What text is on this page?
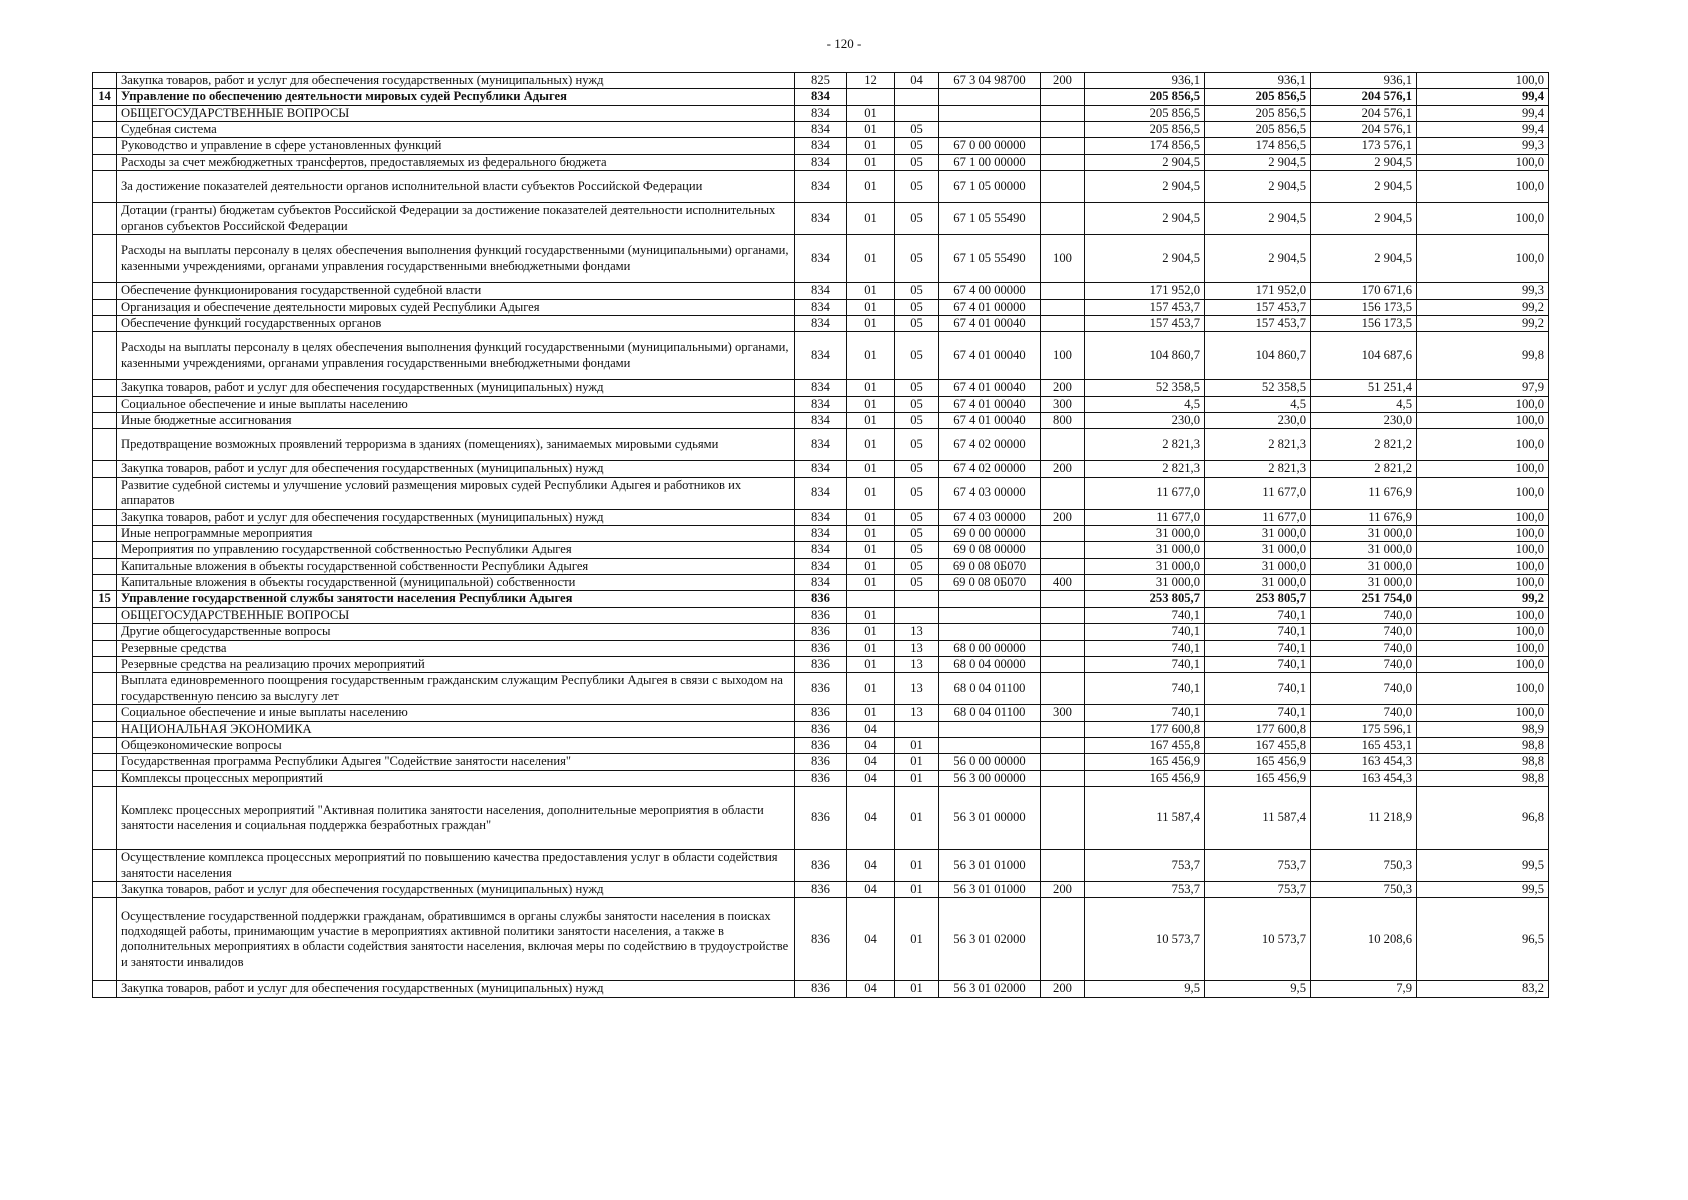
- 120 -
	Закупка товаров, работ и услуг для обеспечения государственных (муниципальных) нужд	825	12	04	67 3 04 98700	200	936,1	936,1	936,1	100,0
14	Управление по обеспечению деятельности мировых судей Республики Адыгея	834					205 856,5	205 856,5	204 576,1	99,4
	ОБЩЕГОСУДАРСТВЕННЫЕ ВОПРОСЫ	834	01				205 856,5	205 856,5	204 576,1	99,4
	Судебная система	834	01	05			205 856,5	205 856,5	204 576,1	99,4
	Руководство и управление в сфере установленных функций	834	01	05	67 0 00 00000		174 856,5	174 856,5	173 576,1	99,3
	Расходы за счет межбюджетных трансфертов, предоставляемых из федерального бюджета	834	01	05	67 1 00 00000		2 904,5	2 904,5	2 904,5	100,0
	За достижение показателей деятельности органов исполнительной власти субъектов Российской Федерации	834	01	05	67 1 05 00000		2 904,5	2 904,5	2 904,5	100,0
	Дотации (гранты) бюджетам субъектов Российской Федерации за достижение показателей деятельности исполнительных органов субъектов Российской Федерации	834	01	05	67 1 05 55490		2 904,5	2 904,5	2 904,5	100,0
	Расходы на выплаты персоналу в целях обеспечения выполнения функций государственными (муниципальными) органами, казенными учреждениями, органами управления государственными внебюджетными фондами	834	01	05	67 1 05 55490	100	2 904,5	2 904,5	2 904,5	100,0
	Обеспечение функционирования государственной судебной власти	834	01	05	67 4 00 00000		171 952,0	171 952,0	170 671,6	99,3
	Организация и обеспечение деятельности мировых судей Республики Адыгея	834	01	05	67 4 01 00000		157 453,7	157 453,7	156 173,5	99,2
	Обеспечение функций государственных органов	834	01	05	67 4 01 00040		157 453,7	157 453,7	156 173,5	99,2
	Расходы на выплаты персоналу в целях обеспечения выполнения функций государственными (муниципальными) органами, казенными учреждениями, органами управления государственными внебюджетными фондами	834	01	05	67 4 01 00040	100	104 860,7	104 860,7	104 687,6	99,8
	Закупка товаров, работ и услуг для обеспечения государственных (муниципальных) нужд	834	01	05	67 4 01 00040	200	52 358,5	52 358,5	51 251,4	97,9
	Социальное обеспечение и иные выплаты населению	834	01	05	67 4 01 00040	300	4,5	4,5	4,5	100,0
	Иные бюджетные ассигнования	834	01	05	67 4 01 00040	800	230,0	230,0	230,0	100,0
	Предотвращение возможных проявлений терроризма в зданиях (помещениях), занимаемых мировыми судьями	834	01	05	67 4 02 00000		2 821,3	2 821,3	2 821,2	100,0
	Закупка товаров, работ и услуг для обеспечения государственных (муниципальных) нужд	834	01	05	67 4 02 00000	200	2 821,3	2 821,3	2 821,2	100,0
	Развитие судебной системы и улучшение условий размещения мировых судей Республики Адыгея и работников их аппаратов	834	01	05	67 4 03 00000		11 677,0	11 677,0	11 676,9	100,0
	Закупка товаров, работ и услуг для обеспечения государственных (муниципальных) нужд	834	01	05	67 4 03 00000	200	11 677,0	11 677,0	11 676,9	100,0
	Иные непрограммные мероприятия	834	01	05	69 0 00 00000		31 000,0	31 000,0	31 000,0	100,0
	Мероприятия по управлению государственной собственностью Республики Адыгея	834	01	05	69 0 08 00000		31 000,0	31 000,0	31 000,0	100,0
	Капитальные вложения в объекты государственной собственности Республики Адыгея	834	01	05	69 0 08 0Б070		31 000,0	31 000,0	31 000,0	100,0
	Капитальные вложения в объекты государственной (муниципальной) собственности	834	01	05	69 0 08 0Б070	400	31 000,0	31 000,0	31 000,0	100,0
15	Управление государственной службы занятости населения Республики Адыгея	836					253 805,7	253 805,7	251 754,0	99,2
	ОБЩЕГОСУДАРСТВЕННЫЕ ВОПРОСЫ	836	01				740,1	740,1	740,0	100,0
	Другие общегосударственные вопросы	836	01	13			740,1	740,1	740,0	100,0
	Резервные средства	836	01	13	68 0 00 00000		740,1	740,1	740,0	100,0
	Резервные средства на реализацию прочих мероприятий	836	01	13	68 0 04 00000		740,1	740,1	740,0	100,0
	Выплата единовременного поощрения государственным гражданским служащим Республики Адыгея в связи с выходом на государственную пенсию за выслугу лет	836	01	13	68 0 04 01100		740,1	740,1	740,0	100,0
	Социальное обеспечение и иные выплаты населению	836	01	13	68 0 04 01100	300	740,1	740,1	740,0	100,0
	НАЦИОНАЛЬНАЯ ЭКОНОМИКА	836	04				177 600,8	177 600,8	175 596,1	98,9
	Общеэкономические вопросы	836	04	01			167 455,8	167 455,8	165 453,1	98,8
	Государственная программа Республики Адыгея "Содействие занятости населения"	836	04	01	56 0 00 00000		165 456,9	165 456,9	163 454,3	98,8
	Комплексы процессных мероприятий	836	04	01	56 3 00 00000		165 456,9	165 456,9	163 454,3	98,8
	Комплекс процессных мероприятий "Активная политика занятости населения, дополнительные мероприятия в области занятости населения и социальная поддержка безработных граждан"	836	04	01	56 3 01 00000		11 587,4	11 587,4	11 218,9	96,8
	Осуществление комплекса процессных мероприятий по повышению качества предоставления услуг в области содействия занятости населения	836	04	01	56 3 01 01000		753,7	753,7	750,3	99,5
	Закупка товаров, работ и услуг для обеспечения государственных (муниципальных) нужд	836	04	01	56 3 01 01000	200	753,7	753,7	750,3	99,5
	Осуществление государственной поддержки гражданам, обратившимся в органы службы занятости населения в поисках подходящей работы, принимающим участие в мероприятиях активной политики занятости населения, а также в дополнительных мероприятиях в области содействия занятости населения, включая меры по содействию в трудоустройстве и занятости инвалидов	836	04	01	56 3 01 02000		10 573,7	10 573,7	10 208,6	96,5
	Закупка товаров, работ и услуг для обеспечения государственных (муниципальных) нужд	836	04	01	56 3 01 02000	200	9,5	9,5	7,9	83,2
